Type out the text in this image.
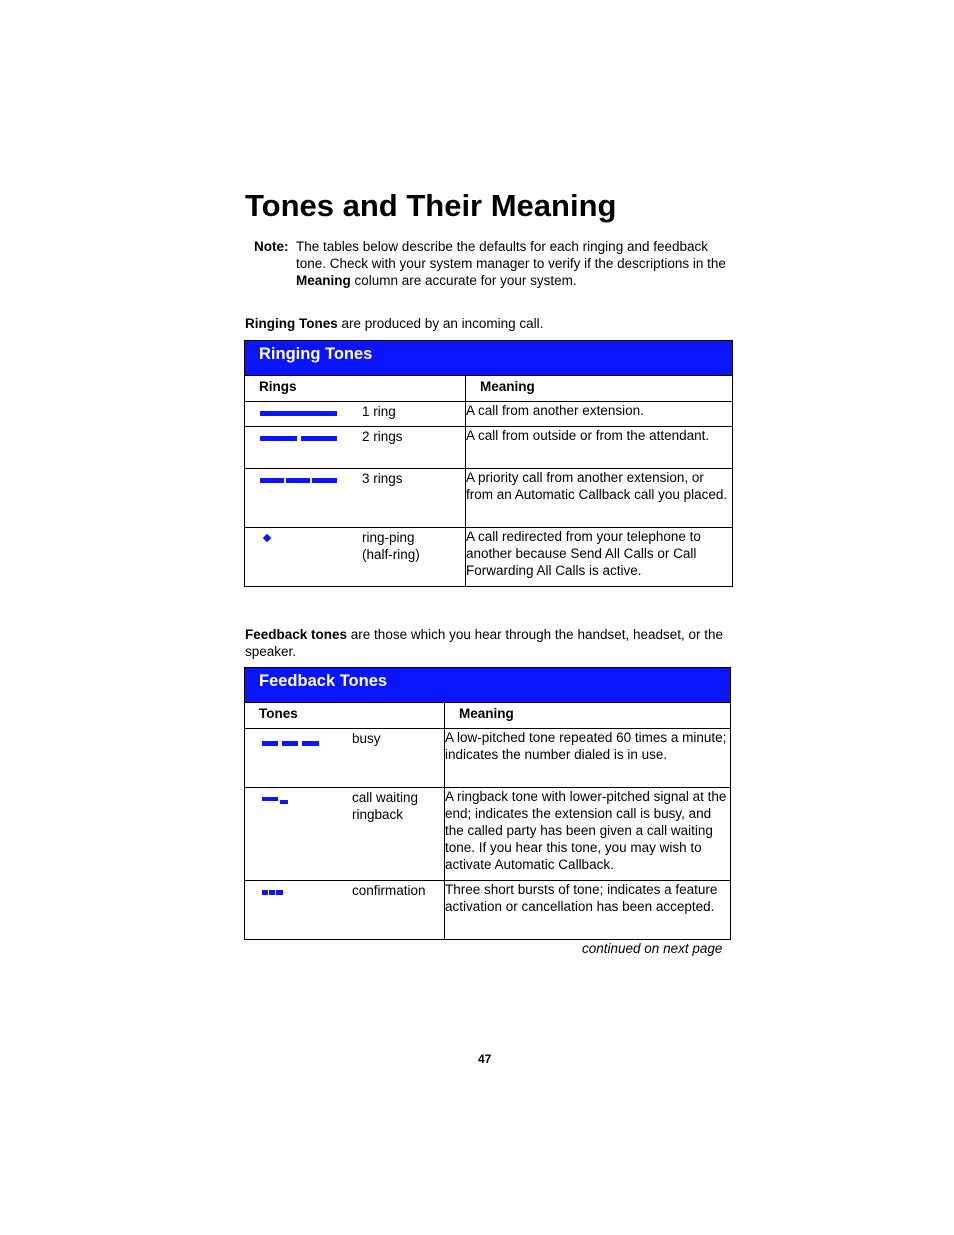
Tones and Their Meaning
Note: The tables below describe the defaults for each ringing and feedback tone. Check with your system manager to verify if the descriptions in the Meaning column are accurate for your system.
Ringing Tones are produced by an incoming call.
Ringing Tones	
Rings	Meaning

1 ring	A call from another extension.

2 rings	A call from outside or from the attendant.

3 rings	A priority call from another extension, or from an Automatic Callback call you placed.

ring-ping
(half-ring)	A call redirected from your telephone to another because Send All Calls or Call Forwarding All Calls is active.
Feedback tones are those which you hear through the handset, headset, or the speaker.
Feedback Tones	
Tones	Meaning

busy	A low-pitched tone repeated 60 times a minute; indicates the number dialed is in use.

call waiting
ringback	A ringback tone with lower-pitched signal at the end; indicates the extension call is busy, and the called party has been given a call waiting tone. If you hear this tone, you may wish to activate Automatic Callback.

confirmation	Three short bursts of tone; indicates a feature activation or cancellation has been accepted.
continued on next page
47
